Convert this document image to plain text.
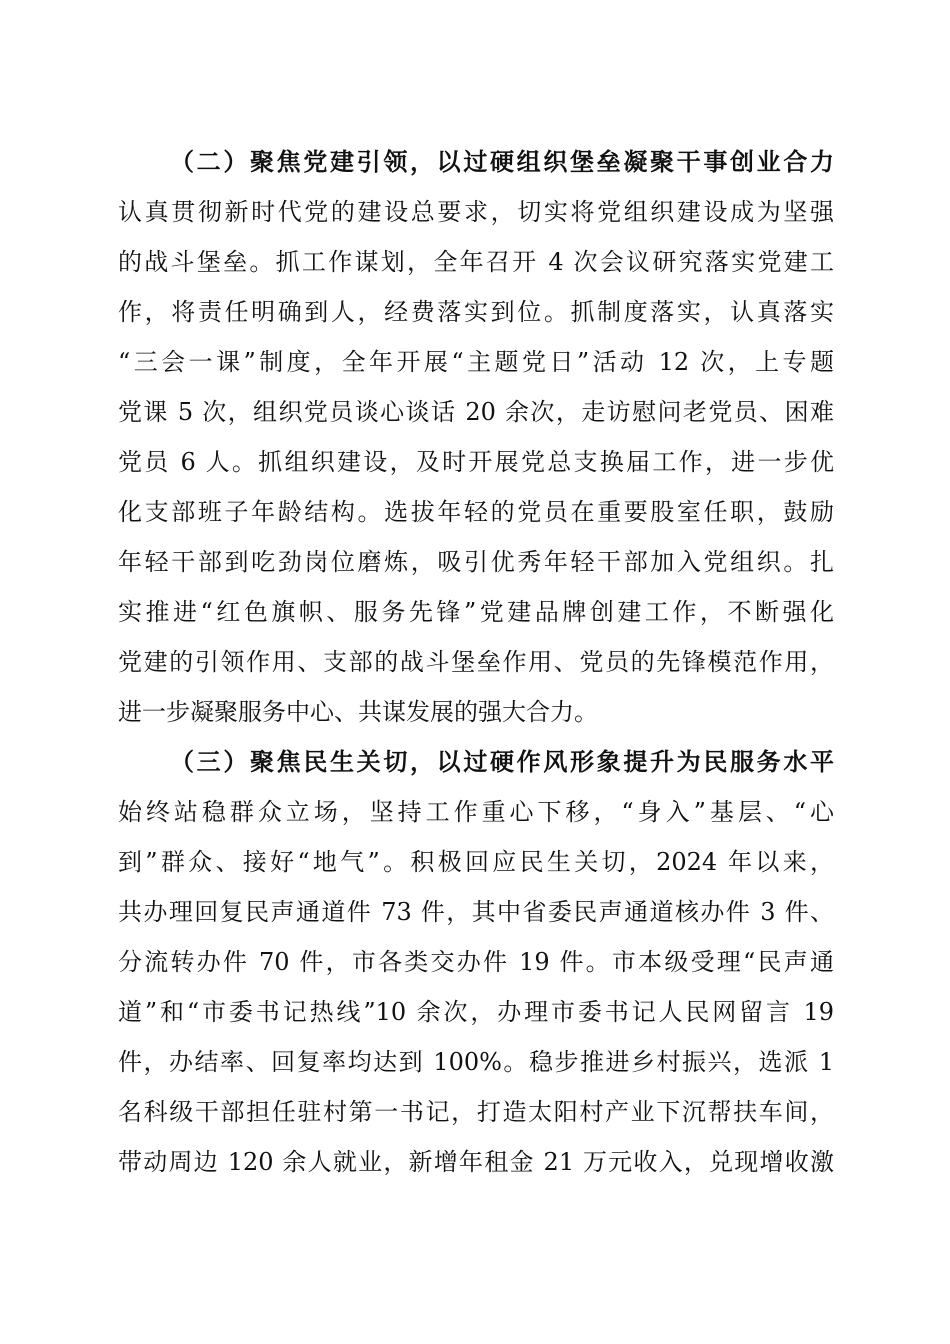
（二）聚焦党建引领，以过硬组织堡垒凝聚干事创业合力
认真贯彻新时代党的建设总要求，切实将党组织建设成为坚强
的战斗堡垒。抓工作谋划，全年召开 4 次会议研究落实党建工
作，将责任明确到人，经费落实到位。抓制度落实，认真落实
“三会一课”制度，全年开展“主题党日”活动 12 次，上专题
党课 5 次，组织党员谈心谈话 20 余次，走访慰问老党员、困难
党员 6 人。抓组织建设，及时开展党总支换届工作，进一步优
化支部班子年龄结构。选拔年轻的党员在重要股室任职，鼓励
年轻干部到吃劲岗位磨炼，吸引优秀年轻干部加入党组织。扎
实推进“红色旗帜、服务先锋”党建品牌创建工作，不断强化
党建的引领作用、支部的战斗堡垒作用、党员的先锋模范作用，
进一步凝聚服务中心、共谋发展的强大合力。
（三）聚焦民生关切，以过硬作风形象提升为民服务水平
始终站稳群众立场，坚持工作重心下移，“身入”基层、“心
到”群众、接好“地气”。积极回应民生关切，2024 年以来，
共办理回复民声通道件 73 件，其中省委民声通道核办件 3 件、
分流转办件 70 件，市各类交办件 19 件。市本级受理“民声通
道”和“市委书记热线”10 余次，办理市委书记人民网留言 19
件，办结率、回复率均达到 100%。稳步推进乡村振兴，选派 1
名科级干部担任驻村第一书记，打造太阳村产业下沉帮扶车间，
带动周边 120 余人就业，新增年租金 21 万元收入，兑现增收激
